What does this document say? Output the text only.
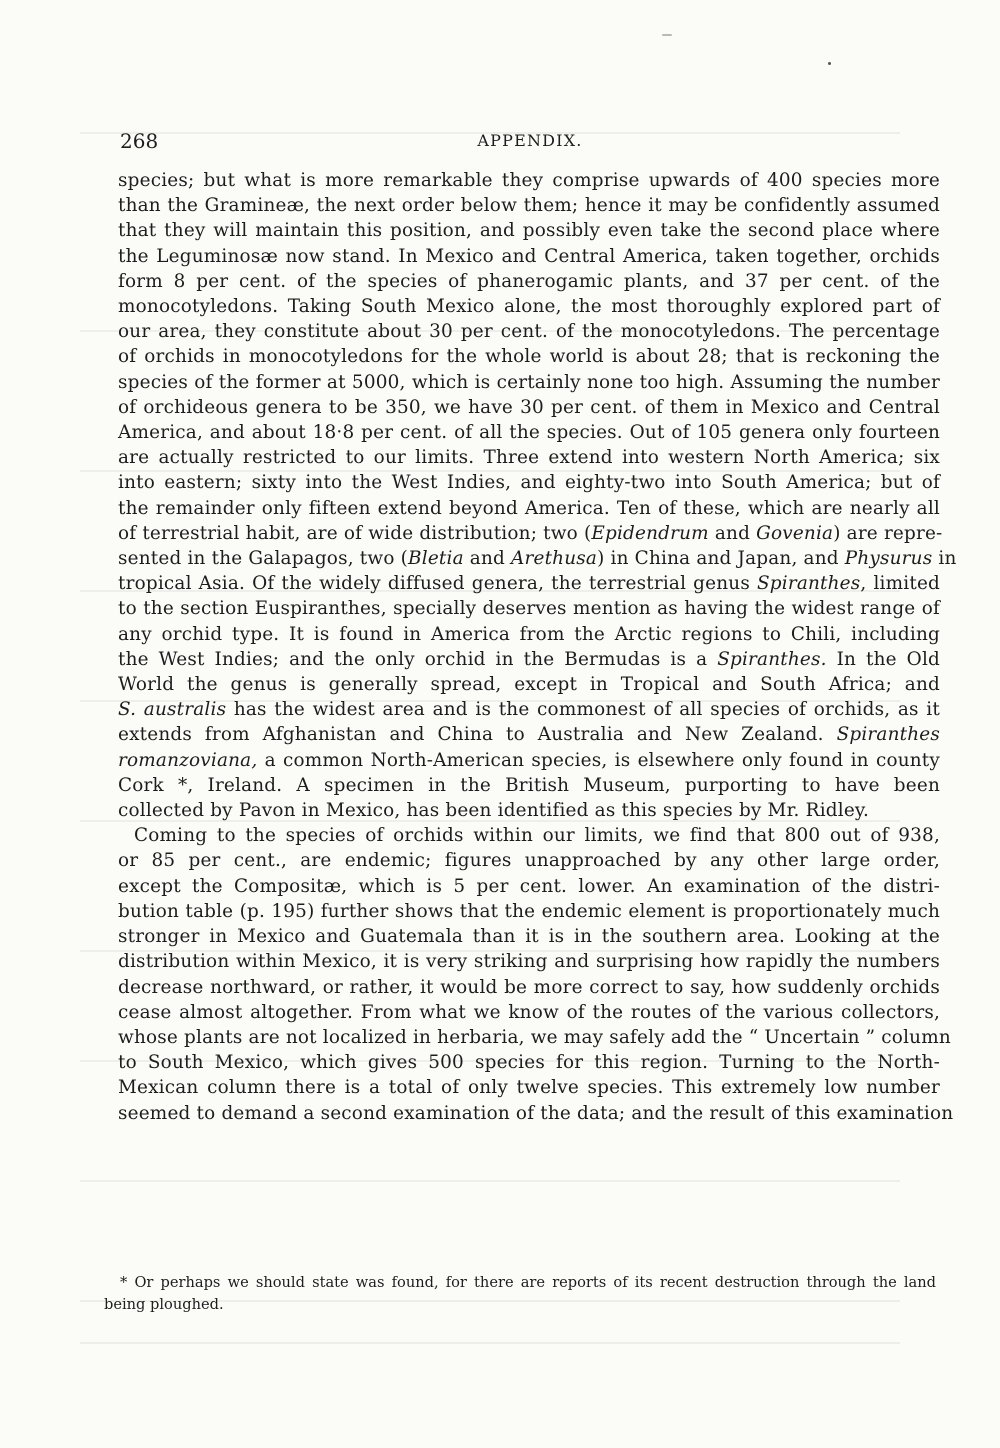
268	APPENDIX.
species; but what is more remarkable they comprise upwards of 400 species more
than the Gramineæ, the next order below them; hence it may be confidently assumed
that they will maintain this position, and possibly even take the second place where
the Leguminosæ now stand. In Mexico and Central America, taken together, orchids
form 8 per cent. of the species of phanerogamic plants, and 37 per cent. of the
monocotyledons. Taking South Mexico alone, the most thoroughly explored part of
our area, they constitute about 30 per cent. of the monocotyledons. The percentage
of orchids in monocotyledons for the whole world is about 28; that is reckoning the
species of the former at 5000, which is certainly none too high. Assuming the number
of orchideous genera to be 350, we have 30 per cent. of them in Mexico and Central
America, and about 18·8 per cent. of all the species. Out of 105 genera only fourteen
are actually restricted to our limits. Three extend into western North America; six
into eastern; sixty into the West Indies, and eighty-two into South America; but of
the remainder only fifteen extend beyond America. Ten of these, which are nearly all
of terrestrial habit, are of wide distribution; two (Epidendrum and Govenia) are repre-
sented in the Galapagos, two (Bletia and Arethusa) in China and Japan, and Physurus in
tropical Asia. Of the widely diffused genera, the terrestrial genus Spiranthes, limited
to the section Euspiranthes, specially deserves mention as having the widest range of
any orchid type. It is found in America from the Arctic regions to Chili, including
the West Indies; and the only orchid in the Bermudas is a Spiranthes. In the Old
World the genus is generally spread, except in Tropical and South Africa; and
S. australis has the widest area and is the commonest of all species of orchids, as it
extends from Afghanistan and China to Australia and New Zealand. Spiranthes
romanzoviana, a common North-American species, is elsewhere only found in county
Cork *, Ireland. A specimen in the British Museum, purporting to have been
collected by Pavon in Mexico, has been identified as this species by Mr. Ridley.
Coming to the species of orchids within our limits, we find that 800 out of 938,
or 85 per cent., are endemic; figures unapproached by any other large order,
except the Compositæ, which is 5 per cent. lower. An examination of the distri-
bution table (p. 195) further shows that the endemic element is proportionately much
stronger in Mexico and Guatemala than it is in the southern area. Looking at the
distribution within Mexico, it is very striking and surprising how rapidly the numbers
decrease northward, or rather, it would be more correct to say, how suddenly orchids
cease almost altogether. From what we know of the routes of the various collectors,
whose plants are not localized in herbaria, we may safely add the “ Uncertain ” column
to South Mexico, which gives 500 species for this region. Turning to the North-
Mexican column there is a total of only twelve species. This extremely low number
seemed to demand a second examination of the data; and the result of this examination
* Or perhaps we should state was found, for there are reports of its recent destruction through the land
being ploughed.
